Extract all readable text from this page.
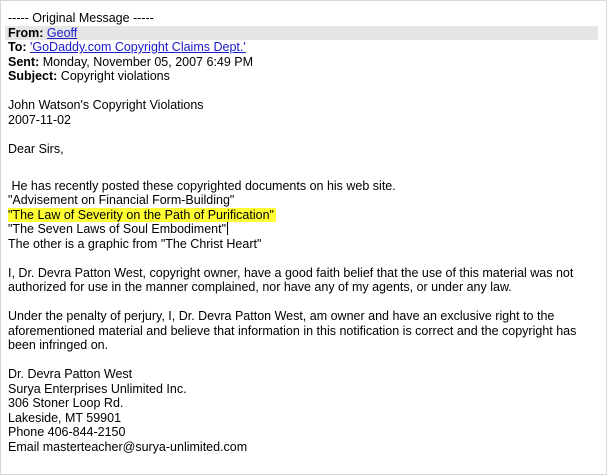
----- Original Message -----
From: Geoff
To: 'GoDaddy.com Copyright Claims Dept.'
Sent: Monday, November 05, 2007 6:49 PM
Subject: Copyright violations
John Watson's Copyright Violations
2007-11-02
Dear Sirs,
He has recently posted these copyrighted documents on his web site.
"Advisement on Financial Form-Building"
"The Law of Severity on the Path of Purification"
"The Seven Laws of Soul Embodiment"
The other is a graphic from "The Christ Heart"
I, Dr. Devra Patton West, copyright owner, have a good faith belief that the use of this material was not authorized for use in the manner complained, nor have any of my agents, or under any law.
Under the penalty of perjury, I, Dr. Devra Patton West, am owner and have an exclusive right to the aforementioned material and believe that information in this notification is correct and the copyright has been infringed on.
Dr. Devra Patton West
Surya Enterprises Unlimited Inc.
306 Stoner Loop Rd.
Lakeside, MT 59901
Phone 406-844-2150
Email masterteacher@surya-unlimited.com
